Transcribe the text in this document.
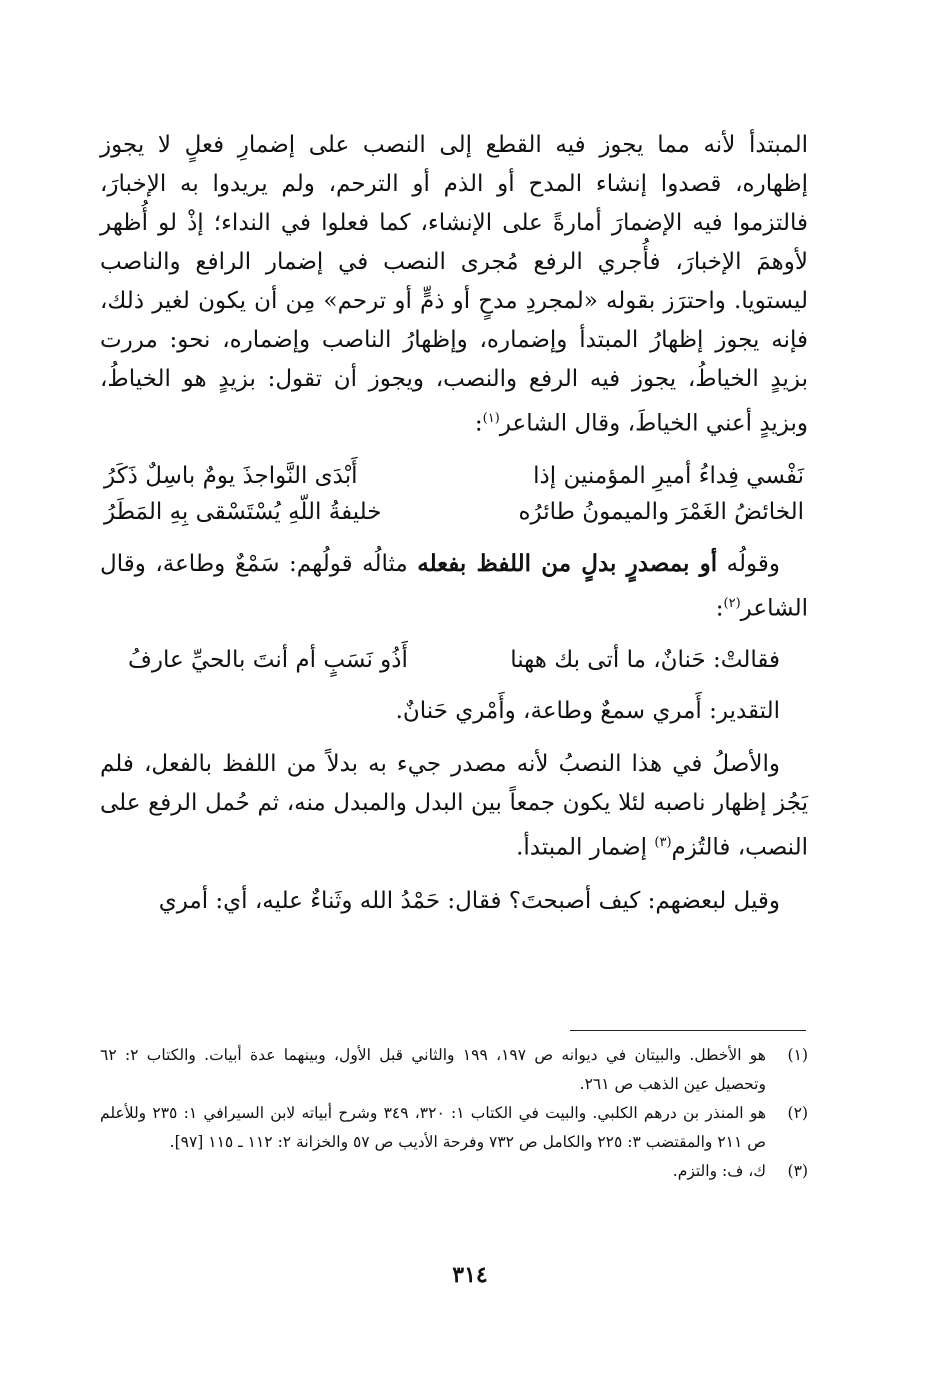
المبتدأ لأنه مما يجوز فيه القطع إلى النصب على إضمارِ فعلٍ لا يجوز إظهاره، قصدوا إنشاء المدح أو الذم أو الترحم، ولم يريدوا به الإخبارَ، فالتزموا فيه الإضمارَ أمارةً على الإنشاء، كما فعلوا في النداء؛ إذْ لو أُظهر لأوهمَ الإخبارَ، فأُجري الرفع مُجرى النصب في إضمار الرافع والناصب ليستويا. واحترَز بقوله «لمجردِ مدحٍ أو ذمٍّ أو ترحم» مِن أن يكون لغير ذلك، فإنه يجوز إظهارُ المبتدأ وإضماره، وإظهارُ الناصب وإضماره، نحو: مررت بزيدٍ الخياطُ، يجوز فيه الرفع والنصب، ويجوز أن تقول: بزيدٍ هو الخياطُ، وبزيدٍ أعني الخياطَ، وقال الشاعر$^{(١)}$:

نَفْسي فِداءُ أميرِ المؤمنين إذا
أَبْدَى النَّواجذَ يومٌ باسِلٌ ذَكَرُ
الخائضُ الغَمْرَ والميمونُ طائرُه
خليفةُ اللّهِ يُسْتَسْقى بِهِ المَطَرُ

وقولُه أو بمصدرٍ بدلٍ من اللفظ بفعله مثالُه قولُهم: سَمْعٌ وطاعة، وقال الشاعر$^{(٢)}$:

فقالتْ: حَنانٌ، ما أتى بك ههنا
أَذُو نَسَبٍ أم أنتَ بالحيِّ عارفُ

التقدير: أَمري سمعٌ وطاعة، وأَمْري حَنانٌ.

والأصلُ في هذا النصبُ لأنه مصدر جيء به بدلاً من اللفظ بالفعل، فلم يَجُز إظهار ناصبه لئلا يكون جمعاً بين البدل والمبدل منه، ثم حُمل الرفع على النصب، فالتُزم$^{(٣)}$ إضمار المبتدأ.

وقيل لبعضهم: كيف أصبحتَ؟ فقال: حَمْدُ الله وثَناءٌ عليه، أي: أمري

(١)
هو الأخطل. والبيتان في ديوانه ص ١٩٧، ١٩٩ والثاني قبل الأول، وبينهما عدة أبيات. والكتاب ٢: ٦٢ وتحصيل عين الذهب ص ٢٦١.
(٢)
هو المنذر بن درهم الكلبي. والبيت في الكتاب ١: ٣٢٠، ٣٤٩ وشرح أبياته لابن السيرافي ١: ٢٣٥ وللأعلم ص ٢١١ والمقتضب ٣: ٢٢٥ والكامل ص ٧٣٢ وفرحة الأديب ص ٥٧ والخزانة ٢: ١١٢ ـ ١١٥ [٩٧].
(٣)
ك، ف: والتزم.
٣١٤
